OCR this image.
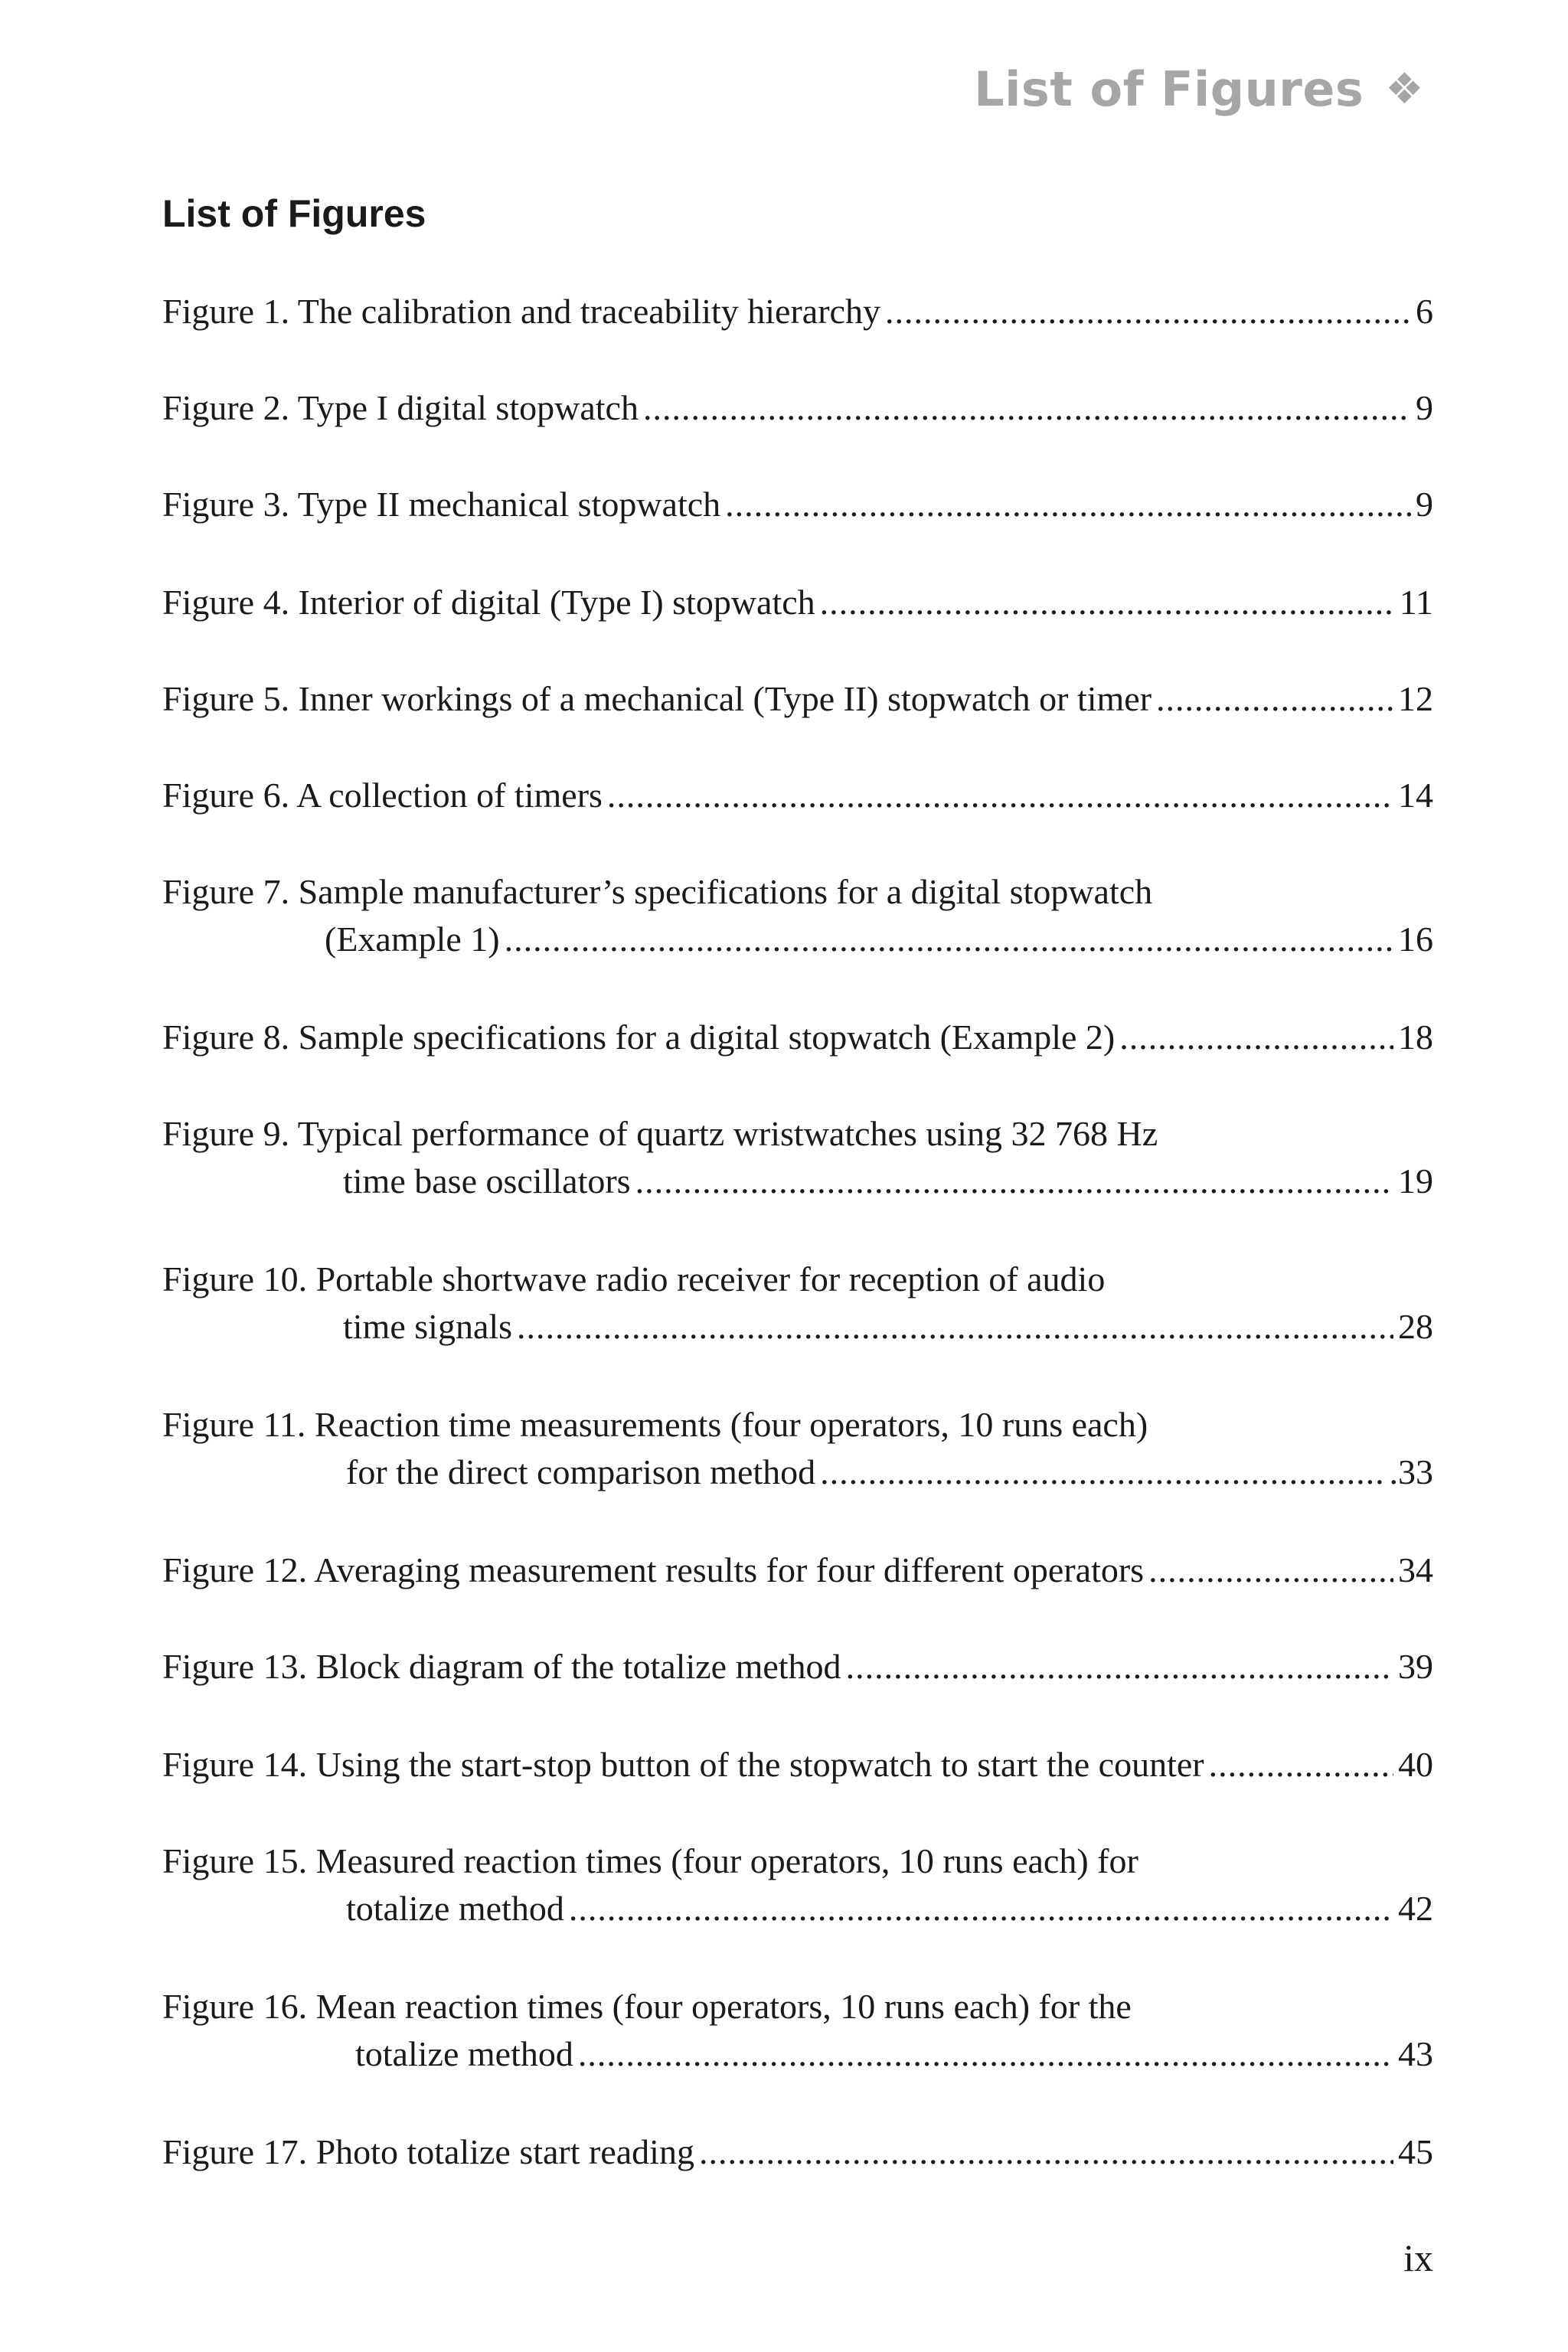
List of Figures ❖
List of Figures
Figure 1. The calibration and traceability hierarchy .....	6
Figure 2. Type I digital stopwatch .....	9
Figure 3. Type II mechanical stopwatch .....	9
Figure 4. Interior of digital (Type I) stopwatch .....	11
Figure 5. Inner workings of a mechanical (Type II) stopwatch or timer .....	12
Figure 6. A collection of timers .....	14
Figure 7. Sample manufacturer’s specifications for a digital stopwatch
(Example 1) .....	16
Figure 8. Sample specifications for a digital stopwatch (Example 2) .....	18
Figure 9. Typical performance of quartz wristwatches using 32 768 Hz
time base oscillators .....	19
Figure 10. Portable shortwave radio receiver for reception of audio
time signals .....	28
Figure 11. Reaction time measurements (four operators, 10 runs each)
for the direct comparison method .....	.33
Figure 12. Averaging measurement results for four different operators .....	34
Figure 13. Block diagram of the totalize method .....	39
Figure 14. Using the start-stop button of the stopwatch to start the counter .....	40
Figure 15. Measured reaction times (four operators, 10 runs each) for
totalize method .....	42
Figure 16. Mean reaction times (four operators, 10 runs each) for the
totalize method .....	43
Figure 17. Photo totalize start reading .....	45
ix
